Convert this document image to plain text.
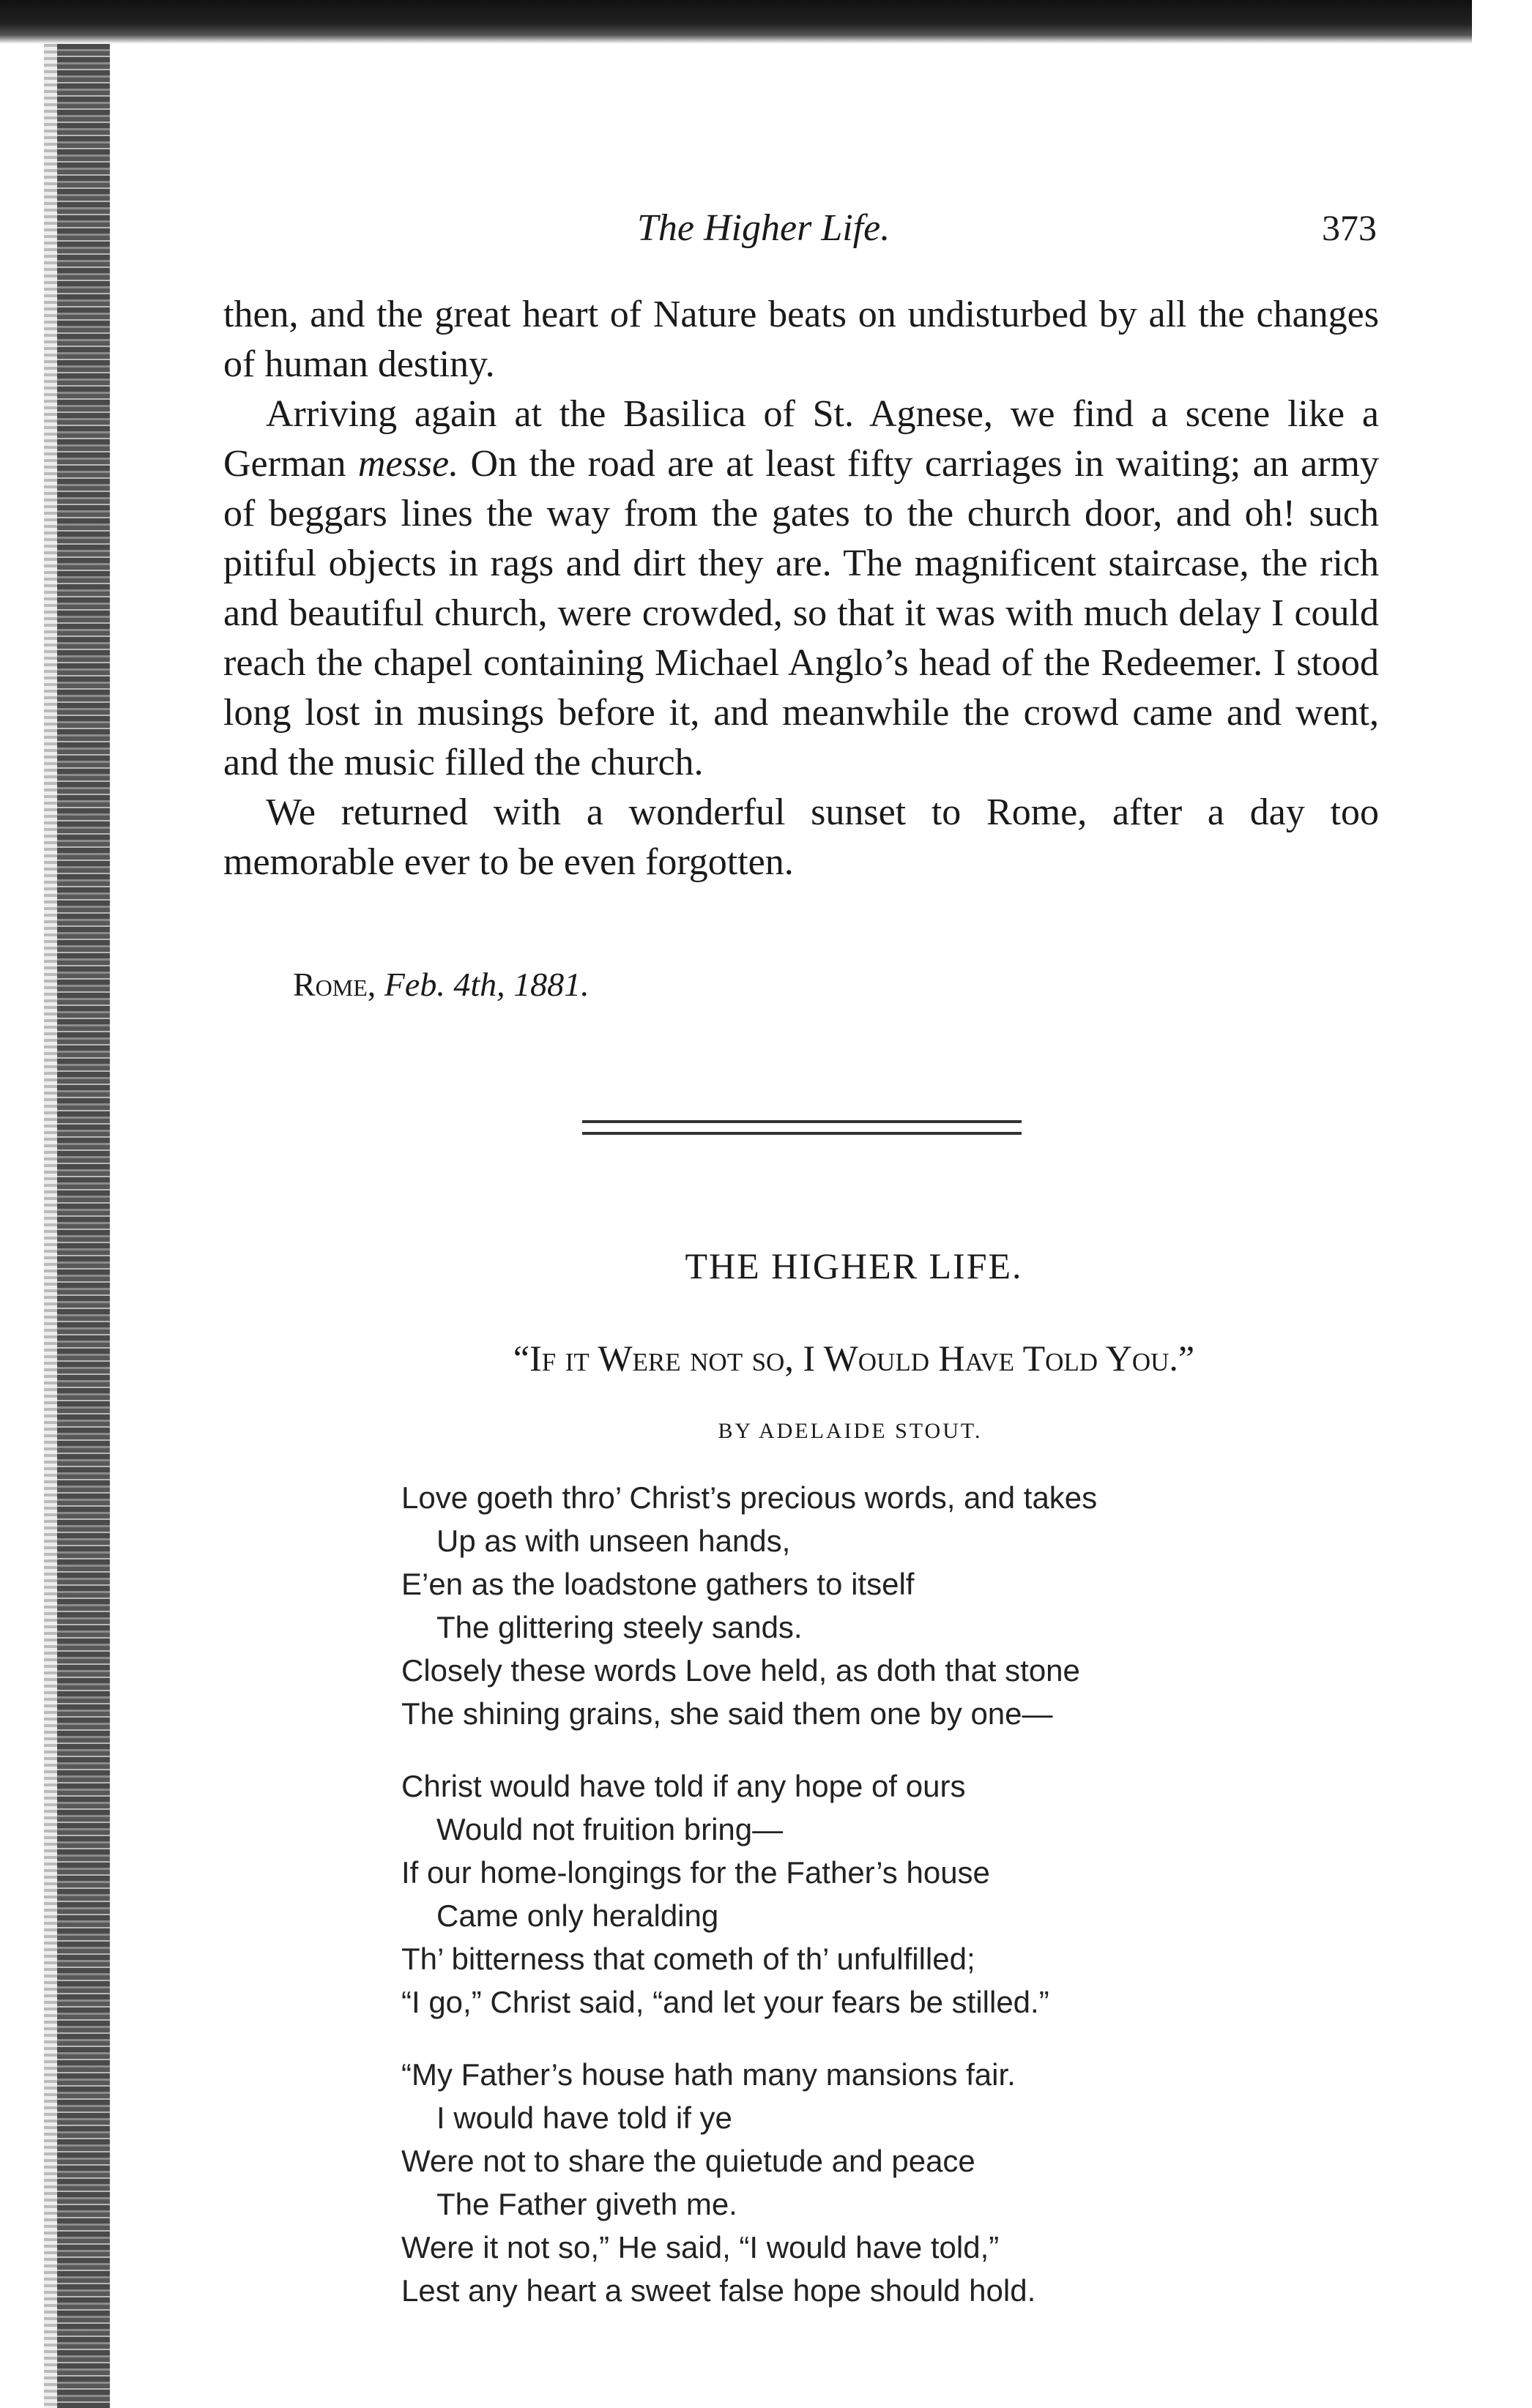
The Higher Life.	373

then, and the great heart of Nature beats on undisturbed by all the changes of human destiny.

Arriving again at the Basilica of St. Agnese, we find a scene like a German messe. On the road are at least fifty carriages in waiting; an army of beggars lines the way from the gates to the church door, and oh! such pitiful objects in rags and dirt they are. The magnificent staircase, the rich and beautiful church, were crowded, so that it was with much delay I could reach the chapel containing Michael Anglo’s head of the Redeemer. I stood long lost in musings before it, and meanwhile the crowd came and went, and the music filled the church.

We returned with a wonderful sunset to Rome, after a day too memorable ever to be even forgotten.

Rome, Feb. 4th, 1881.
THE HIGHER LIFE.
“If it Were not so, I Would Have Told You.”
BY ADELAIDE STOUT.
Love goeth thro’ Christ’s precious words, and takes
Up as with unseen hands,
E’en as the loadstone gathers to itself
The glittering steely sands.
Closely these words Love held, as doth that stone
The shining grains, she said them one by one—
Christ would have told if any hope of ours
Would not fruition bring—
If our home-longings for the Father’s house
Came only heralding
Th’ bitterness that cometh of th’ unfulfilled;
“I go,” Christ said, “and let your fears be stilled.”
“My Father’s house hath many mansions fair.
I would have told if ye
Were not to share the quietude and peace
The Father giveth me.
Were it not so,” He said, “I would have told,”
Lest any heart a sweet false hope should hold.
